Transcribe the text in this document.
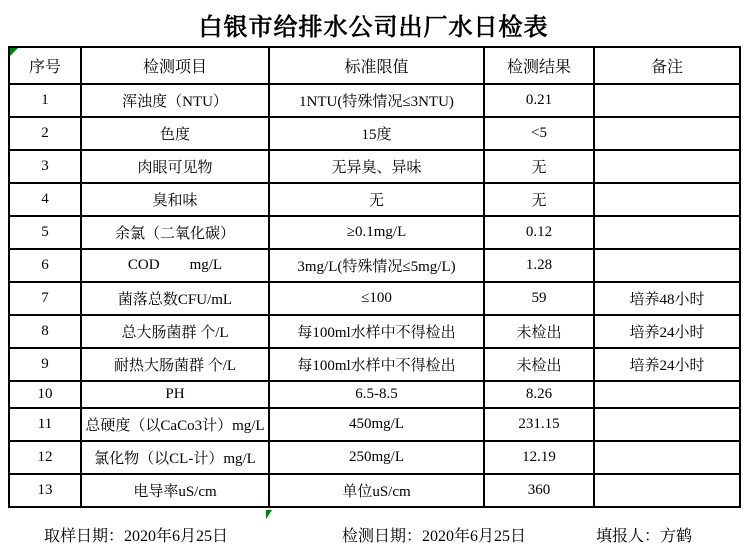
白银市给排水公司出厂水日检表
序号	检测项目	标准限值	检测结果	备注
1	浑浊度（NTU）	1NTU(特殊情况≤3NTU)	0.21	
2	色度	15度	<5	
3	肉眼可见物	无异臭、异味	无	
4	臭和味	无	无	
5	余氯（二氧化碳）	≥0.1mg/L	0.12	
6	COD        mg/L	3mg/L(特殊情况≤5mg/L)	1.28	
7	菌落总数CFU/mL	≤100	59	培养48小时
8	总大肠菌群 个/L	每100ml水样中不得检出	未检出	培养24小时
9	耐热大肠菌群 个/L	每100ml水样中不得检出	未检出	培养24小时
10	PH	6.5-8.5	8.26	
11	总硬度（以CaCo3计）mg/L	450mg/L	231.15	
12	氯化物（以CL-计）mg/L	250mg/L	12.19	
13	电导率uS/cm	单位uS/cm	360	
取样日期：2020年6月25日	检测日期：2020年6月25日	填报人：方鹤
